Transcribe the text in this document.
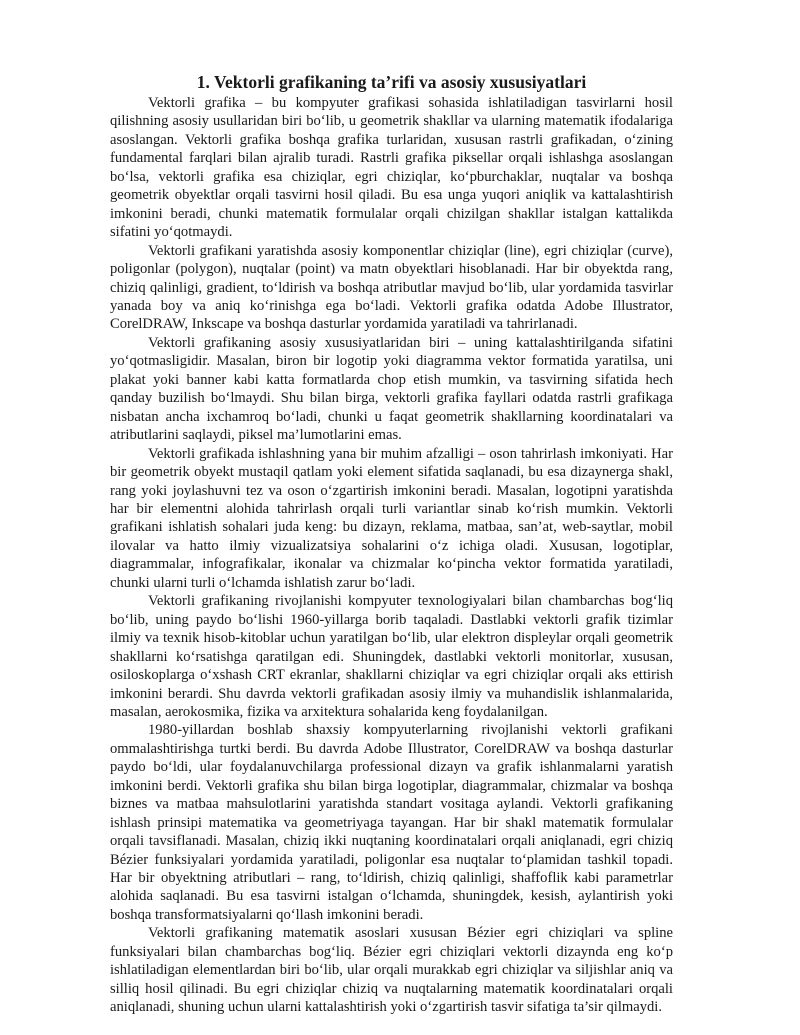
1. Vektorli grafikaning ta’rifi va asosiy xususiyatlari

Vektorli grafika – bu kompyuter grafikasi sohasida ishlatiladigan tasvirlarni hosil qilishning asosiy usullaridan biri bo‘lib, u geometrik shakllar va ularning matematik ifodalariga asoslangan. Vektorli grafika boshqa grafika turlaridan, xususan rastrli grafikadan, o‘zining fundamental farqlari bilan ajralib turadi. Rastrli grafika piksellar orqali ishlashga asoslangan bo‘lsa, vektorli grafika esa chiziqlar, egri chiziqlar, ko‘pburchaklar, nuqtalar va boshqa geometrik obyektlar orqali tasvirni hosil qiladi. Bu esa unga yuqori aniqlik va kattalashtirish imkonini beradi, chunki matematik formulalar orqali chizilgan shakllar istalgan kattalikda sifatini yo‘qotmaydi.

Vektorli grafikani yaratishda asosiy komponentlar chiziqlar (line), egri chiziqlar (curve), poligonlar (polygon), nuqtalar (point) va matn obyektlari hisoblanadi. Har bir obyektda rang, chiziq qalinligi, gradient, to‘ldirish va boshqa atributlar mavjud bo‘lib, ular yordamida tasvirlar yanada boy va aniq ko‘rinishga ega bo‘ladi. Vektorli grafika odatda Adobe Illustrator, CorelDRAW, Inkscape va boshqa dasturlar yordamida yaratiladi va tahrirlanadi.

Vektorli grafikaning asosiy xususiyatlaridan biri – uning kattalashtirilganda sifatini yo‘qotmasligidir. Masalan, biron bir logotip yoki diagramma vektor formatida yaratilsa, uni plakat yoki banner kabi katta formatlarda chop etish mumkin, va tasvirning sifatida hech qanday buzilish bo‘lmaydi. Shu bilan birga, vektorli grafika fayllari odatda rastrli grafikaga nisbatan ancha ixchamroq bo‘ladi, chunki u faqat geometrik shakllarning koordinatalari va atributlarini saqlaydi, piksel ma’lumotlarini emas.

Vektorli grafikada ishlashning yana bir muhim afzalligi – oson tahrirlash imkoniyati. Har bir geometrik obyekt mustaqil qatlam yoki element sifatida saqlanadi, bu esa dizaynerga shakl, rang yoki joylashuvni tez va oson o‘zgartirish imkonini beradi. Masalan, logotipni yaratishda har bir elementni alohida tahrirlash orqali turli variantlar sinab ko‘rish mumkin. Vektorli grafikani ishlatish sohalari juda keng: bu dizayn, reklama, matbaa, san’at, web-saytlar, mobil ilovalar va hatto ilmiy vizualizatsiya sohalarini o‘z ichiga oladi. Xususan, logotiplar, diagrammalar, infografikalar, ikonalar va chizmalar ko‘pincha vektor formatida yaratiladi, chunki ularni turli o‘lchamda ishlatish zarur bo‘ladi.

Vektorli grafikaning rivojlanishi kompyuter texnologiyalari bilan chambarchas bog‘liq bo‘lib, uning paydo bo‘lishi 1960-yillarga borib taqaladi. Dastlabki vektorli grafik tizimlar ilmiy va texnik hisob-kitoblar uchun yaratilgan bo‘lib, ular elektron displeylar orqali geometrik shakllarni ko‘rsatishga qaratilgan edi. Shuningdek, dastlabki vektorli monitorlar, xususan, osiloskoplarga o‘xshash CRT ekranlar, shakllarni chiziqlar va egri chiziqlar orqali aks ettirish imkonini berardi. Shu davrda vektorli grafikadan asosiy ilmiy va muhandislik ishlanmalarida, masalan, aerokosmika, fizika va arxitektura sohalarida keng foydalanilgan.

1980-yillardan boshlab shaxsiy kompyuterlarning rivojlanishi vektorli grafikani ommalashtirishga turtki berdi. Bu davrda Adobe Illustrator, CorelDRAW va boshqa dasturlar paydo bo‘ldi, ular foydalanuvchilarga professional dizayn va grafik ishlanmalarni yaratish imkonini berdi. Vektorli grafika shu bilan birga logotiplar, diagrammalar, chizmalar va boshqa biznes va matbaa mahsulotlarini yaratishda standart vositaga aylandi. Vektorli grafikaning ishlash prinsipi matematika va geometriyaga tayangan. Har bir shakl matematik formulalar orqali tavsiflanadi. Masalan, chiziq ikki nuqtaning koordinatalari orqali aniqlanadi, egri chiziq Bézier funksiyalari yordamida yaratiladi, poligonlar esa nuqtalar to‘plamidan tashkil topadi. Har bir obyektning atributlari – rang, to‘ldirish, chiziq qalinligi, shaffoflik kabi parametrlar alohida saqlanadi. Bu esa tasvirni istalgan o‘lchamda, shuningdek, kesish, aylantirish yoki boshqa transformatsiyalarni qo‘llash imkonini beradi.

Vektorli grafikaning matematik asoslari xususan Bézier egri chiziqlari va spline funksiyalari bilan chambarchas bog‘liq. Bézier egri chiziqlari vektorli dizaynda eng ko‘p ishlatiladigan elementlardan biri bo‘lib, ular orqali murakkab egri chiziqlar va siljishlar aniq va silliq hosil qilinadi. Bu egri chiziqlar chiziq va nuqtalarning matematik koordinatalari orqali aniqlanadi, shuning uchun ularni kattalashtirish yoki o‘zgartirish tasvir sifatiga ta’sir qilmaydi.
